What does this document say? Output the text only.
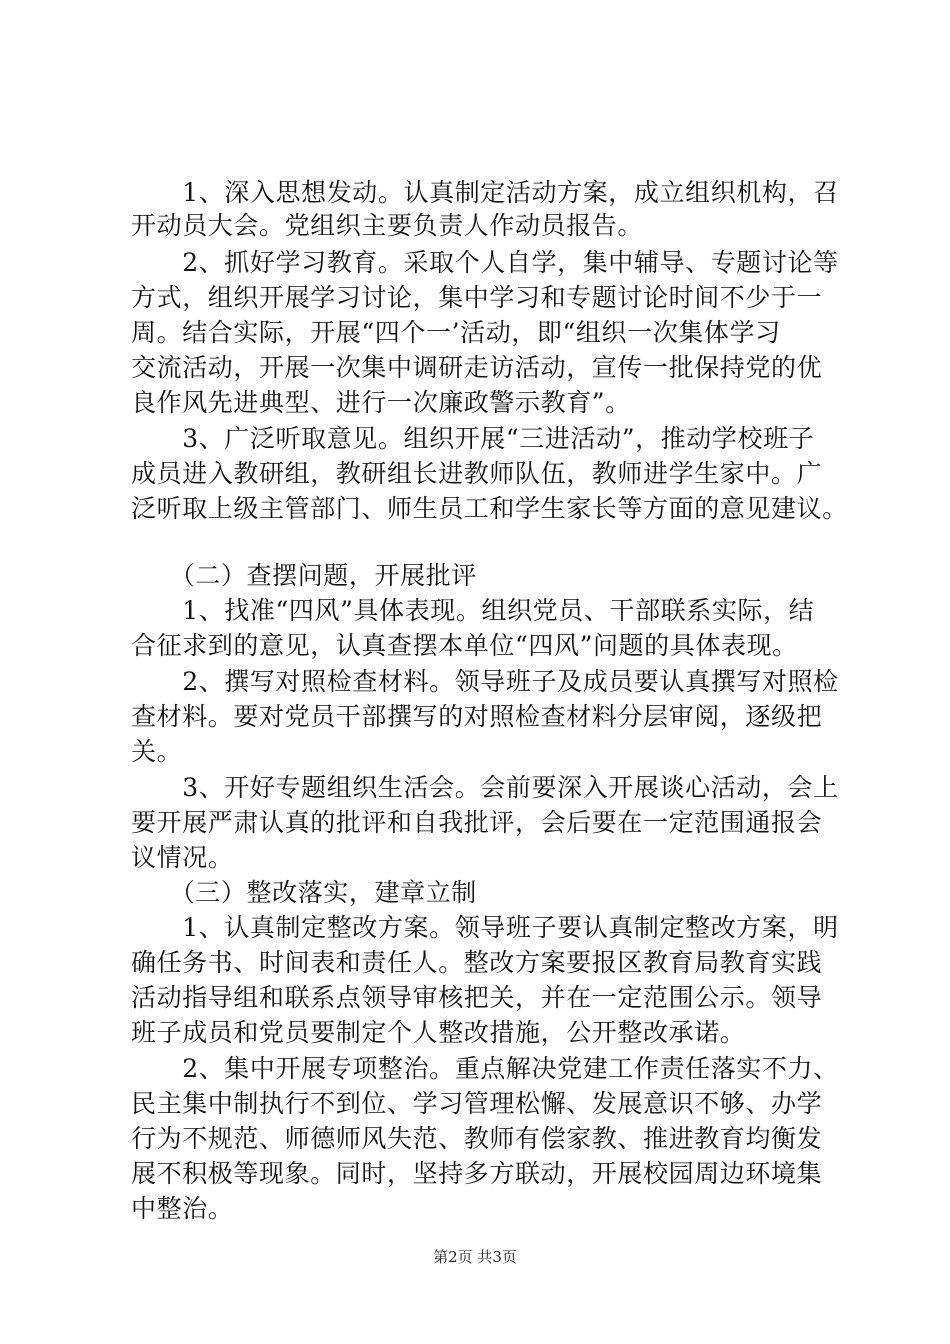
　　1、深入思想发动。认真制定活动方案，成立组织机构，召
开动员大会。党组织主要负责人作动员报告。
　　2、抓好学习教育。采取个人自学，集中辅导、专题讨论等
方式，组织开展学习讨论，集中学习和专题讨论时间不少于一
周。结合实际，开展“四个一’活动，即“组织一次集体学习
交流活动，开展一次集中调研走访活动，宣传一批保持党的优
良作风先进典型、进行一次廉政警示教育”。
　　3、广泛听取意见。组织开展“三进活动”，推动学校班子
成员进入教研组，教研组长进教师队伍，教师进学生家中。广
泛听取上级主管部门、师生员工和学生家长等方面的意见建议。
　　（二）查摆问题，开展批评
　　1、找准“四风”具体表现。组织党员、干部联系实际，结
合征求到的意见，认真查摆本单位“四风”问题的具体表现。
　　2、撰写对照检查材料。领导班子及成员要认真撰写对照检
查材料。要对党员干部撰写的对照检查材料分层审阅，逐级把
关。
　　3、开好专题组织生活会。会前要深入开展谈心活动，会上
要开展严肃认真的批评和自我批评，会后要在一定范围通报会
议情况。
　　（三）整改落实，建章立制
　　1、认真制定整改方案。领导班子要认真制定整改方案，明
确任务书、时间表和责任人。整改方案要报区教育局教育实践
活动指导组和联系点领导审核把关，并在一定范围公示。领导
班子成员和党员要制定个人整改措施，公开整改承诺。
　　2、集中开展专项整治。重点解决党建工作责任落实不力、
民主集中制执行不到位、学习管理松懈、发展意识不够、办学
行为不规范、师德师风失范、教师有偿家教、推进教育均衡发
展不积极等现象。同时，坚持多方联动，开展校园周边环境集
中整治。
第2页 共3页
